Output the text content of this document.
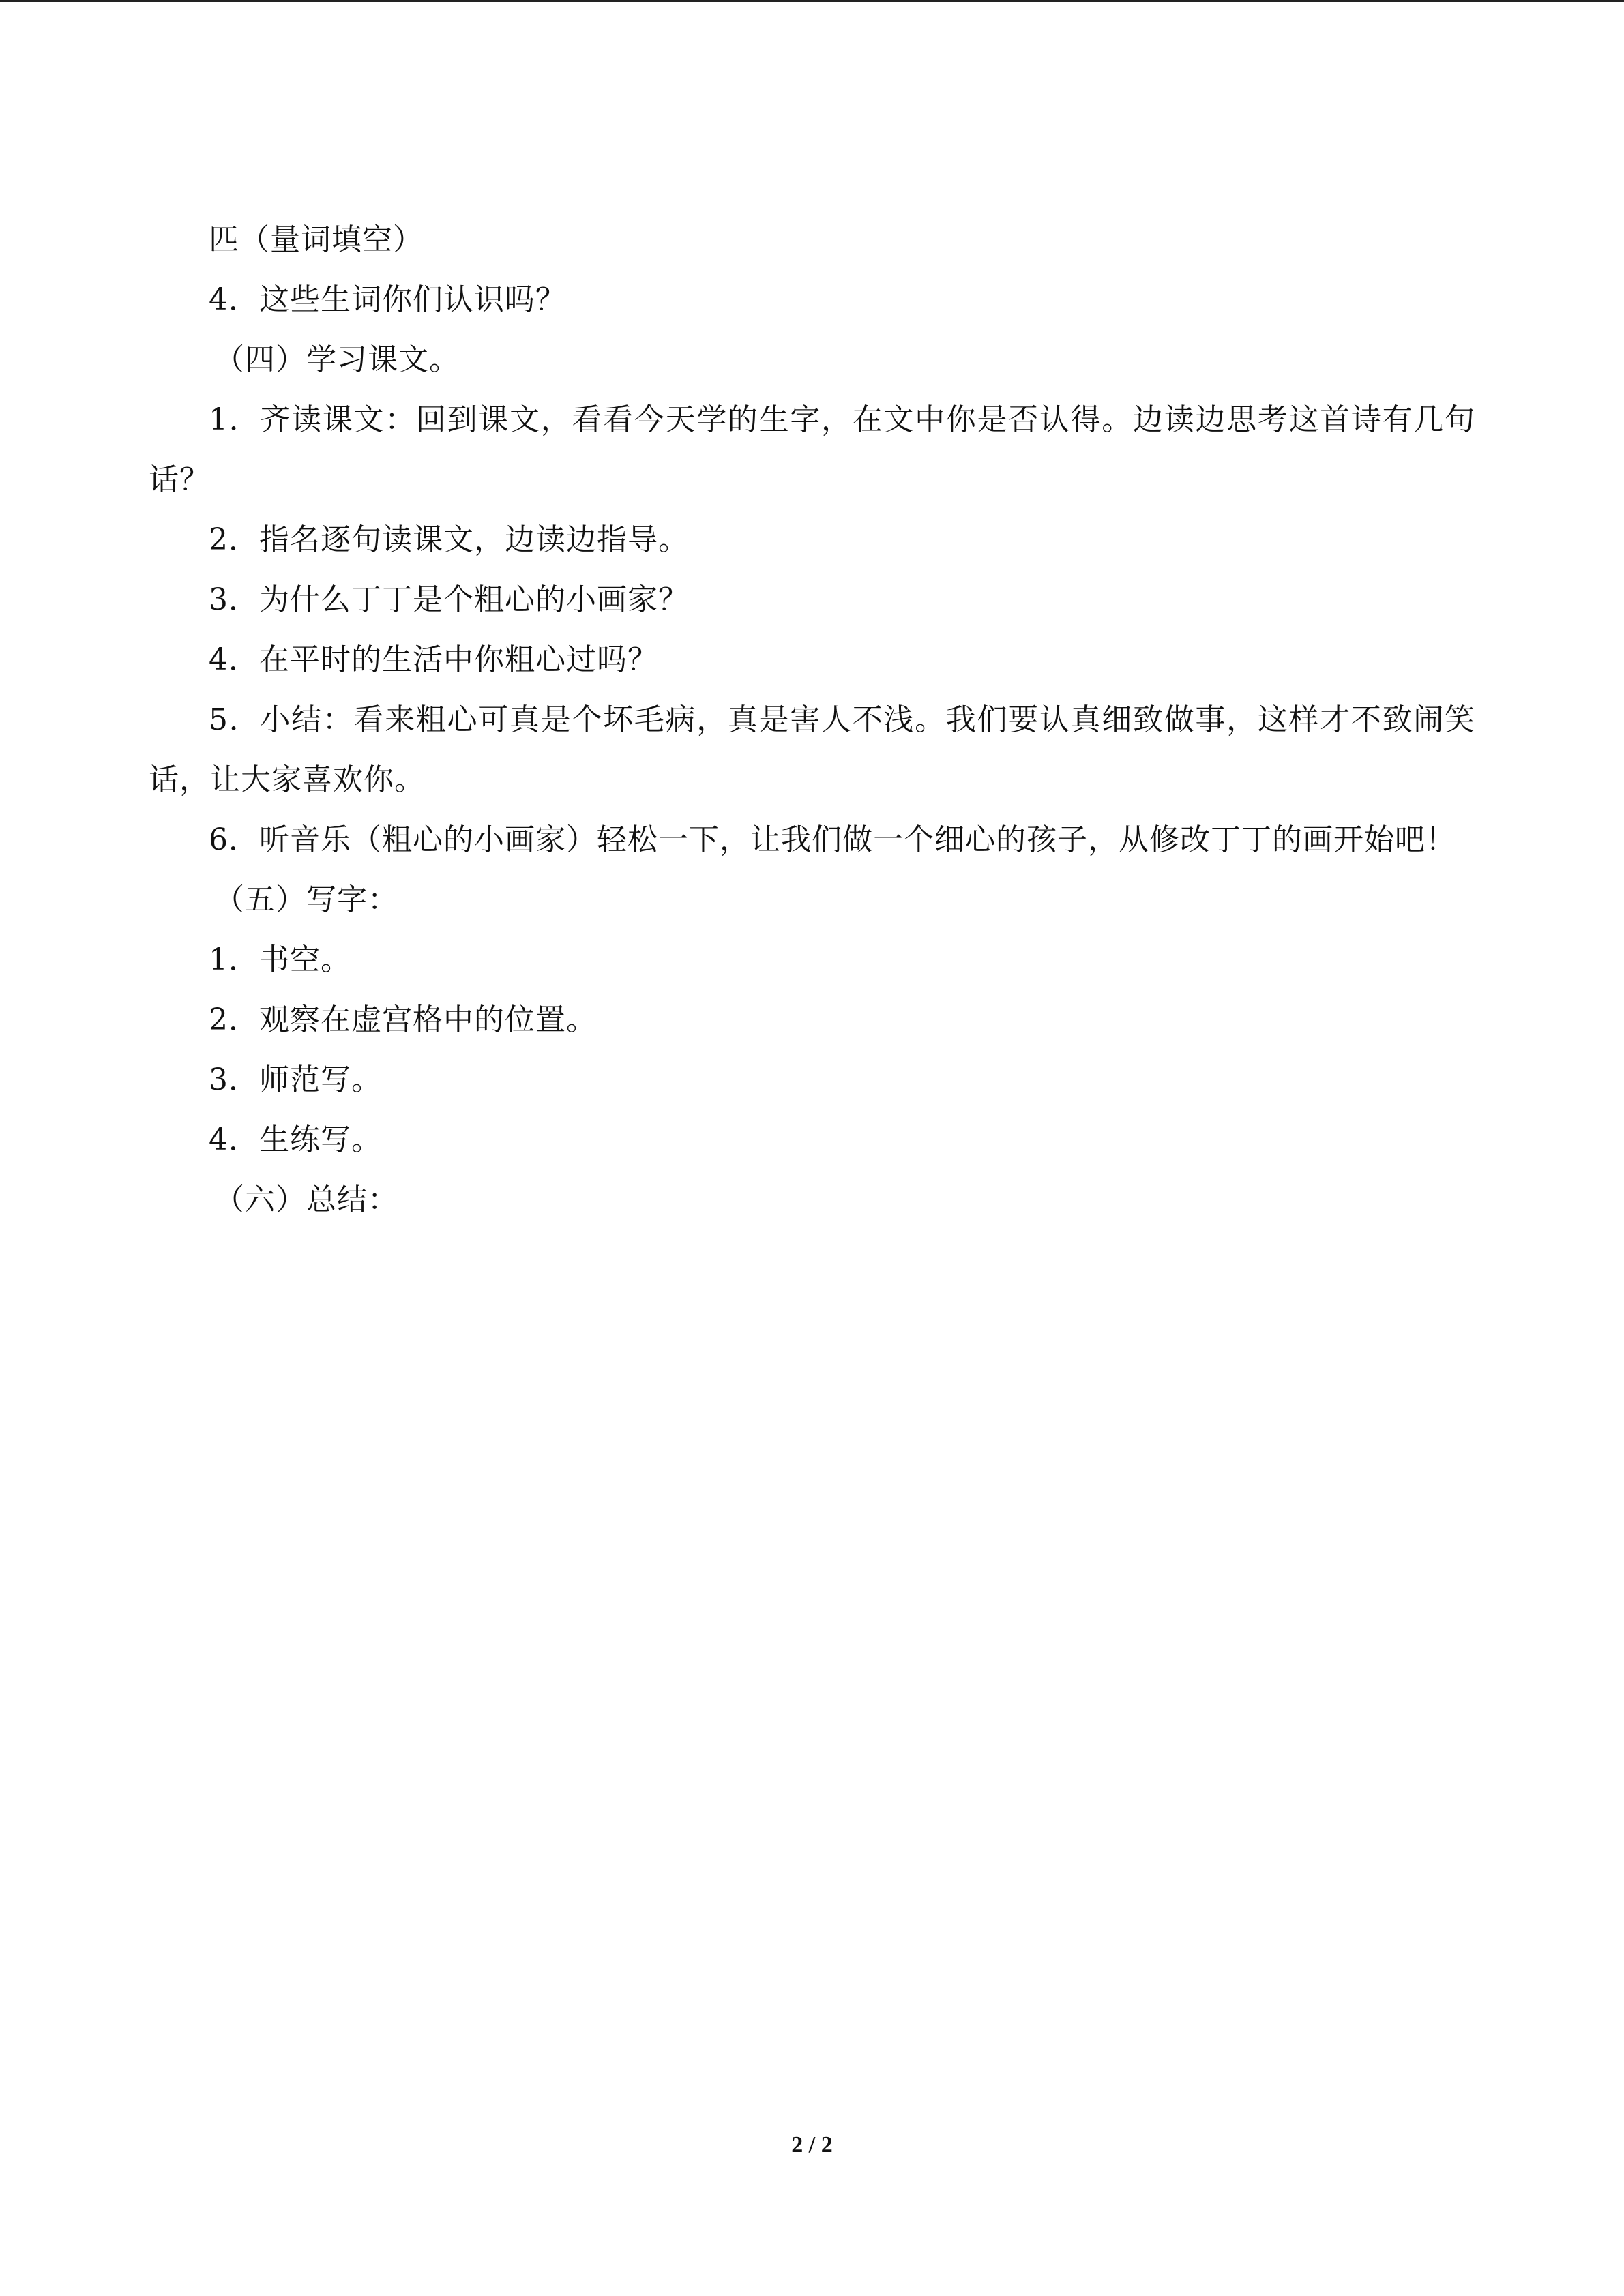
匹（量词填空）

4．这些生词你们认识吗？

（四）学习课文。

1．齐读课文：回到课文，看看今天学的生字，在文中你是否认得。边读边思考这首诗有几句话？

2．指名逐句读课文，边读边指导。

3．为什么丁丁是个粗心的小画家？

4．在平时的生活中你粗心过吗？

5．小结：看来粗心可真是个坏毛病，真是害人不浅。我们要认真细致做事，这样才不致闹笑话，让大家喜欢你。

6．听音乐（粗心的小画家）轻松一下，让我们做一个细心的孩子，从修改丁丁的画开始吧！

（五）写字：

1．书空。

2．观察在虚宫格中的位置。

3．师范写。

4．生练写。

（六）总结：

2 / 2
